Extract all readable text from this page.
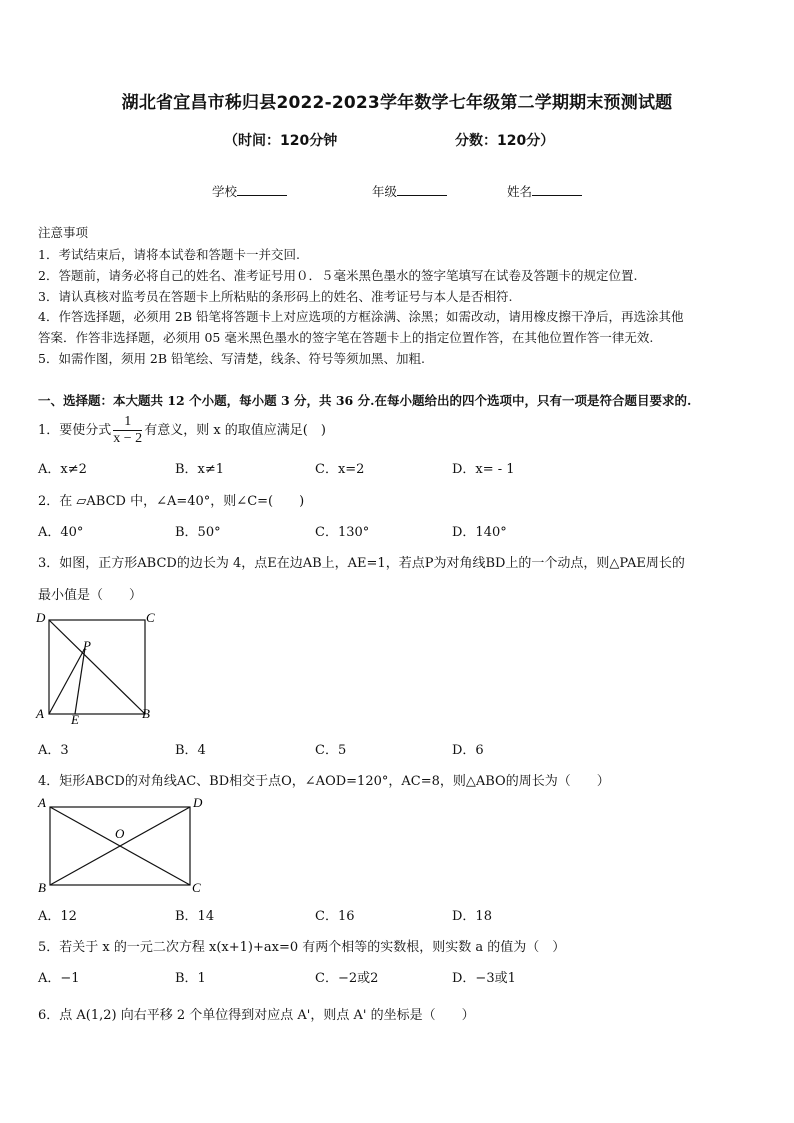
湖北省宜昌市秭归县2022-2023学年数学七年级第二学期期末预测试题
（时间：120分钟	分数：120分）
学校	年级	姓名
注意事项
1．考试结束后，请将本试卷和答题卡一并交回.
2．答题前，请务必将自己的姓名、准考证号用０．５毫米黑色墨水的签字笔填写在试卷及答题卡的规定位置.
3．请认真核对监考员在答题卡上所粘贴的条形码上的姓名、准考证号与本人是否相符.
4．作答选择题，必须用 2B 铅笔将答题卡上对应选项的方框涂满、涂黑；如需改动，请用橡皮擦干净后，再选涂其他
答案．作答非选择题，必须用 05 毫米黑色墨水的签字笔在答题卡上的指定位置作答，在其他位置作答一律无效.
5．如需作图，须用 2B 铅笔绘、写清楚，线条、符号等须加黑、加粗.
一、选择题：本大题共 12 个小题，每小题 3 分，共 36 分.在每小题给出的四个选项中，只有一项是符合题目要求的.
1．要使分式 $\frac{1}{x - 2}$ 有意义，则 x 的取值应满足(　)
A．x≠2	B．x≠1	C．x=2	D．x= - 1
2．在 ▱ABCD 中，∠A=40°，则∠C=(　　)
A．40°	B．50°	C．130°	D．140°
3．如图，正方形ABCD的边长为 4，点E在边AB上，AE=1，若点P为对角线BD上的一个动点，则△PAE周长的
最小值是（　　）
D	C
P
A E	B
A．3	B．4	C．5	D．6
4．矩形ABCD的对角线AC、BD相交于点O，∠AOD=120°，AC=8，则△ABO的周长为（　　）
A	D
O
B	C
A．12	B．14	C．16	D．18
5．若关于 x 的一元二次方程 x(x+1)+ax=0 有两个相等的实数根，则实数 a 的值为（　）
A．−1	B．1	C．−2或2	D．−3或1
6．点 A(1,2) 向右平移 2 个单位得到对应点 A'，则点 A' 的坐标是（　　）
